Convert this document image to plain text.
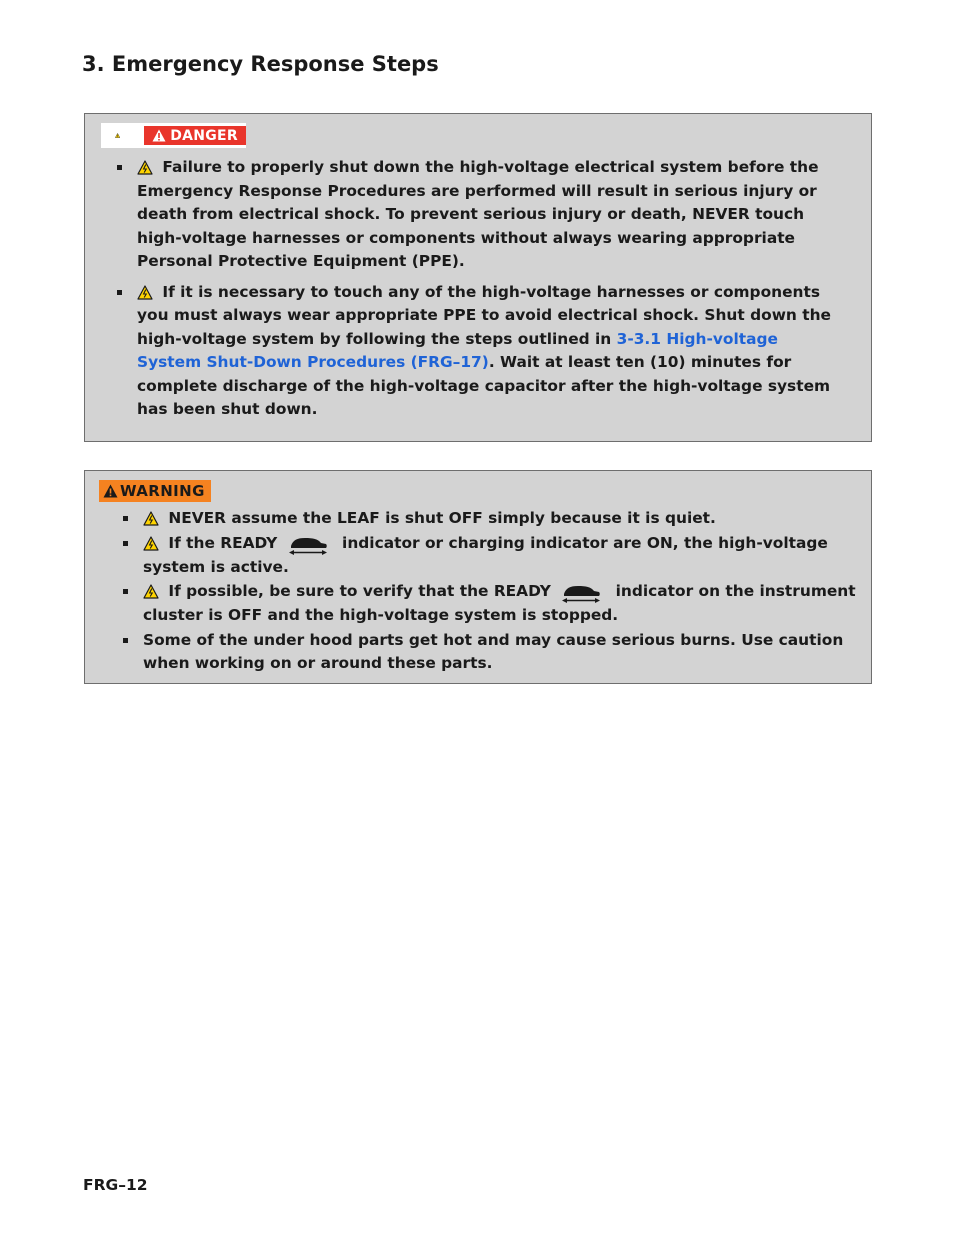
3. Emergency Response Steps
DANGER
Failure to properly shut down the high-voltage electrical system before the Emergency Response Procedures are performed will result in serious injury or death from electrical shock. To prevent serious injury or death, NEVER touch high-voltage harnesses or components without always wearing appropriate Personal Protective Equipment (PPE).
If it is necessary to touch any of the high-voltage harnesses or components you must always wear appropriate PPE to avoid electrical shock. Shut down the high-voltage system by following the steps outlined in 3-3.1 High-voltage System Shut-Down Procedures (FRG–17). Wait at least ten (10) minutes for complete discharge of the high-voltage capacitor after the high-voltage system has been shut down.
WARNING
NEVER assume the LEAF is shut OFF simply because it is quiet.
If the READY	indicator or charging indicator are ON, the high-voltage system is active.
If possible, be sure to verify that the READY	indicator on the instrument cluster is OFF and the high-voltage system is stopped.
Some of the under hood parts get hot and may cause serious burns. Use caution when working on or around these parts.

FRG–12
